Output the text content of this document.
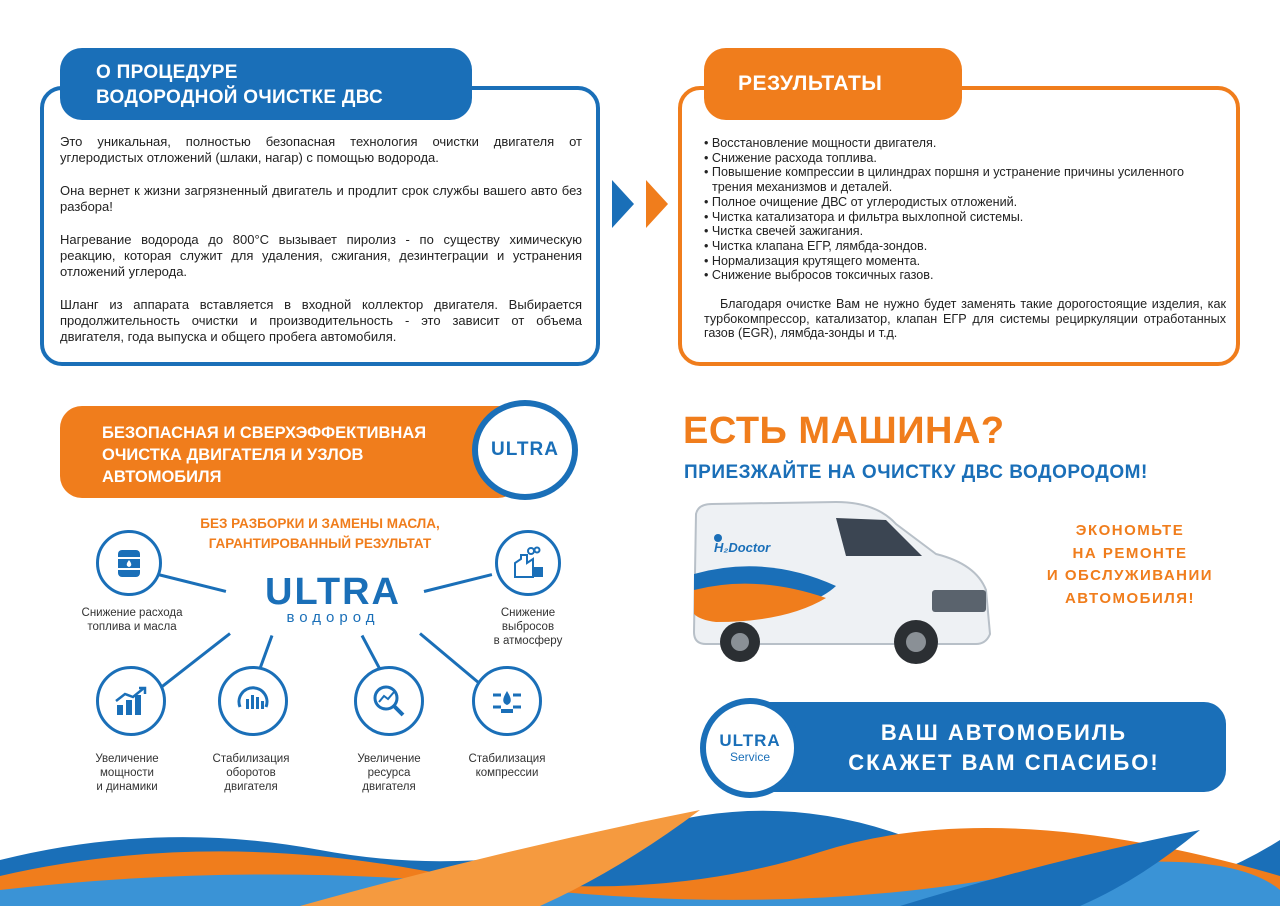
О ПРОЦЕДУРЕ
ВОДОРОДНОЙ ОЧИСТКЕ ДВС

Это уникальная, полностью безопасная технология очистки двигателя от углеродистых отложений (шлаки, нагар) с помощью водорода.

Она вернет к жизни загрязненный двигатель и продлит срок службы вашего авто без разбора!

Нагревание водорода до 800°С вызывает пиролиз - по существу химическую реакцию, которая служит для удаления, сжигания, дезинтеграции и устранения отложений углерода.

Шланг из аппарата вставляется в входной коллектор двигателя. Выбирается продолжительность очистки и производительность - это зависит от объема двигателя, года выпуска и общего пробега автомобиля.

РЕЗУЛЬТАТЫ
• Восстановление мощности двигателя.
• Снижение расхода топлива.
• Повышение компрессии в цилиндрах поршня и устранение причины усиленного трения механизмов и деталей.
• Полное очищение ДВС от углеродистых отложений.
• Чистка катализатора и фильтра выхлопной системы.
• Чистка свечей зажигания.
• Чистка клапана ЕГР, лямбда-зондов.
• Нормализация крутящего момента.
• Снижение выбросов токсичных газов.
Благодаря очистке Вам не нужно будет заменять такие дорогостоящие изделия, как турбокомпрессор, катализатор, клапан ЕГР для системы рециркуляции отработанных газов (EGR), лямбда-зонды и т.д.
БЕЗОПАСНАЯ И СВЕРХЭФФЕКТИВНАЯ
ОЧИСТКА ДВИГАТЕЛЯ И УЗЛОВ
АВТОМОБИЛЯ
ULTRA
БЕЗ РАЗБОРКИ И ЗАМЕНЫ МАСЛА,
ГАРАНТИРОВАННЫЙ РЕЗУЛЬТАТ
ULTRA
водород
Снижение расхода
топлива и масла
Снижение
выбросов
в атмосферу
Увеличение
мощности
и динамики
Стабилизация
оборотов
двигателя
Увеличение
ресурса
двигателя
Стабилизация
компрессии
ЕСТЬ МАШИНА?
ПРИЕЗЖАЙТЕ НА ОЧИСТКУ ДВС ВОДОРОДОМ!
H₂Doctor
ЭКОНОМЬТЕ
НА РЕМОНТЕ
И ОБСЛУЖИВАНИИ
АВТОМОБИЛЯ!
ВАШ АВТОМОБИЛЬ
СКАЖЕТ ВАМ СПАСИБО!
ULTRA
Service
